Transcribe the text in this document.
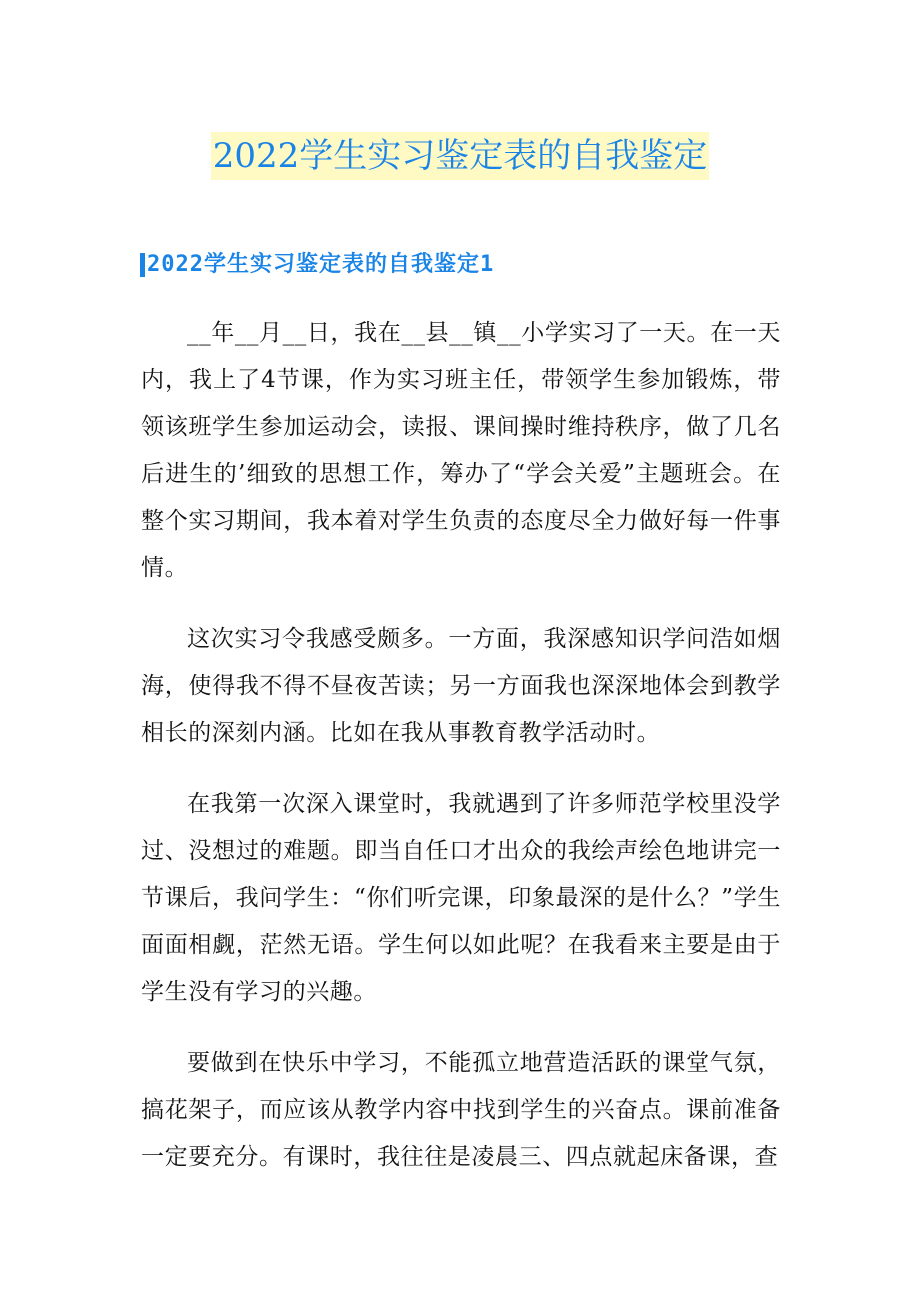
2022学生实习鉴定表的自我鉴定
2022学生实习鉴定表的自我鉴定1

__年__月__日，我在__县__镇__小学实习了一天。在一天内，我上了4节课，作为实习班主任，带领学生参加锻炼，带领该班学生参加运动会，读报、课间操时维持秩序，做了几名后进生的’细致的思想工作，筹办了“学会关爱”主题班会。在整个实习期间，我本着对学生负责的态度尽全力做好每一件事情。

这次实习令我感受颇多。一方面，我深感知识学问浩如烟海，使得我不得不昼夜苦读；另一方面我也深深地体会到教学相长的深刻内涵。比如在我从事教育教学活动时。

在我第一次深入课堂时，我就遇到了许多师范学校里没学过、没想过的难题。即当自任口才出众的我绘声绘色地讲完一节课后，我问学生：“你们听完课，印象最深的是什么？”学生面面相觑，茫然无语。学生何以如此呢？在我看来主要是由于学生没有学习的兴趣。

要做到在快乐中学习，不能孤立地营造活跃的课堂气氛，搞花架子，而应该从教学内容中找到学生的兴奋点。课前准备一定要充分。有课时，我往往是凌晨三、四点就起床备课，查
